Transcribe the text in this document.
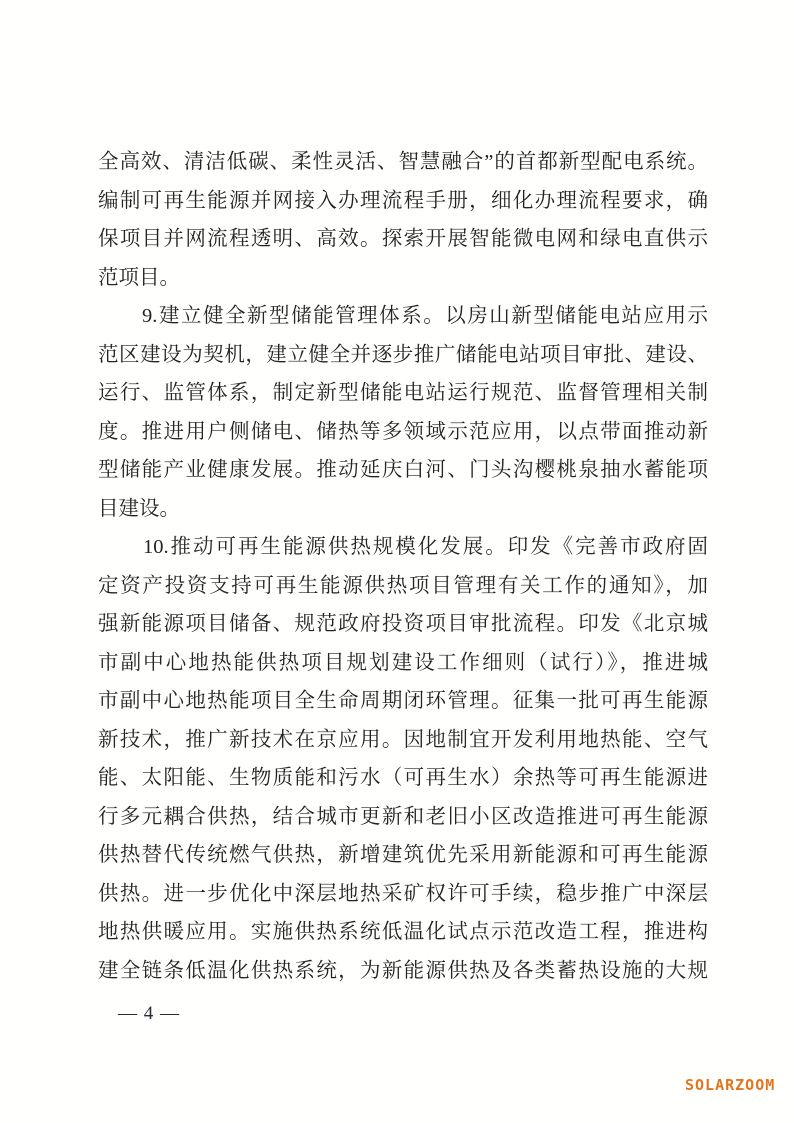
全高效、清洁低碳、柔性灵活、智慧融合”的首都新型配电系统。
编制可再生能源并网接入办理流程手册，细化办理流程要求，确
保项目并网流程透明、高效。探索开展智能微电网和绿电直供示
范项目。
　　9.建立健全新型储能管理体系。以房山新型储能电站应用示
范区建设为契机，建立健全并逐步推广储能电站项目审批、建设、
运行、监管体系，制定新型储能电站运行规范、监督管理相关制
度。推进用户侧储电、储热等多领域示范应用，以点带面推动新
型储能产业健康发展。推动延庆白河、门头沟樱桃泉抽水蓄能项
目建设。
　　10.推动可再生能源供热规模化发展。印发《完善市政府固
定资产投资支持可再生能源供热项目管理有关工作的通知》，加
强新能源项目储备、规范政府投资项目审批流程。印发《北京城
市副中心地热能供热项目规划建设工作细则（试行）》，推进城
市副中心地热能项目全生命周期闭环管理。征集一批可再生能源
新技术，推广新技术在京应用。因地制宜开发利用地热能、空气
能、太阳能、生物质能和污水（可再生水）余热等可再生能源进
行多元耦合供热，结合城市更新和老旧小区改造推进可再生能源
供热替代传统燃气供热，新增建筑优先采用新能源和可再生能源
供热。进一步优化中深层地热采矿权许可手续，稳步推广中深层
地热供暖应用。实施供热系统低温化试点示范改造工程，推进构
建全链条低温化供热系统，为新能源供热及各类蓄热设施的大规
— 4 —
SOLARZOOM
